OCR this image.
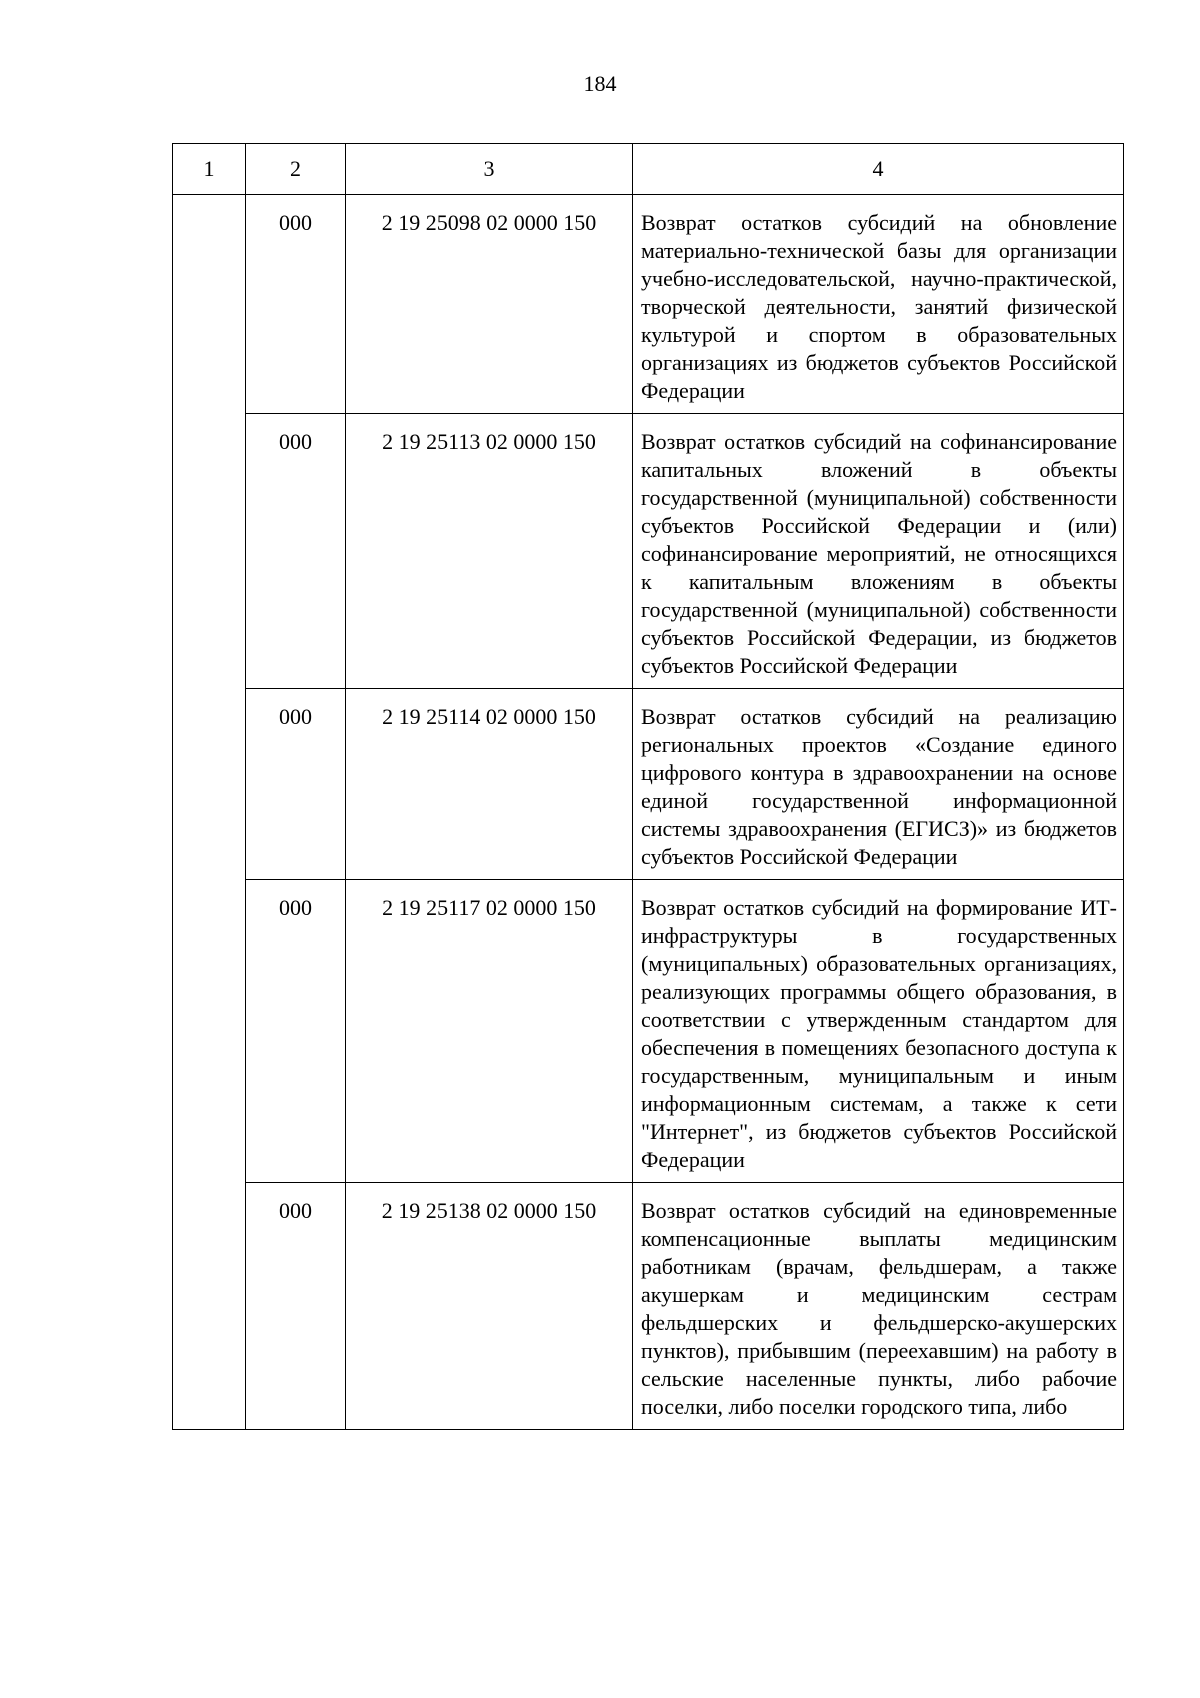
184
1	2	3	4
	000	2 19 25098 02 0000 150	Возврат остатков субсидий на обновление материально-технической базы для организации учебно-исследовательской, научно-практической, творческой деятельности, занятий физической культурой и спортом в образовательных организациях из бюджетов субъектов Российской Федерации
	000	2 19 25113 02 0000 150	Возврат остатков субсидий на софинансирование капитальных вложений в объекты государственной (муниципальной) собственности субъектов Российской Федерации и (или) софинансирование мероприятий, не относящихся к капитальным вложениям в объекты государственной (муниципальной) собственности субъектов Российской Федерации, из бюджетов субъектов Российской Федерации
	000	2 19 25114 02 0000 150	Возврат остатков субсидий на реализацию региональных проектов «Создание единого цифрового контура в здравоохранении на основе единой государственной информационной системы здравоохранения (ЕГИСЗ)» из бюджетов субъектов Российской Федерации
	000	2 19 25117 02 0000 150	Возврат остатков субсидий на формирование ИТ-инфраструктуры в государственных (муниципальных) образовательных организациях, реализующих программы общего образования, в соответствии с утвержденным стандартом для обеспечения в помещениях безопасного доступа к государственным, муниципальным и иным информационным системам, а также к сети "Интернет", из бюджетов субъектов Российской Федерации
	000	2 19 25138 02 0000 150	Возврат остатков субсидий на единовременные компенсационные выплаты медицинским работникам (врачам, фельдшерам, а также акушеркам и медицинским сестрам фельдшерских и фельдшерско-акушерских пунктов), прибывшим (переехавшим) на работу в сельские населенные пункты, либо рабочие поселки, либо поселки городского типа, либо
